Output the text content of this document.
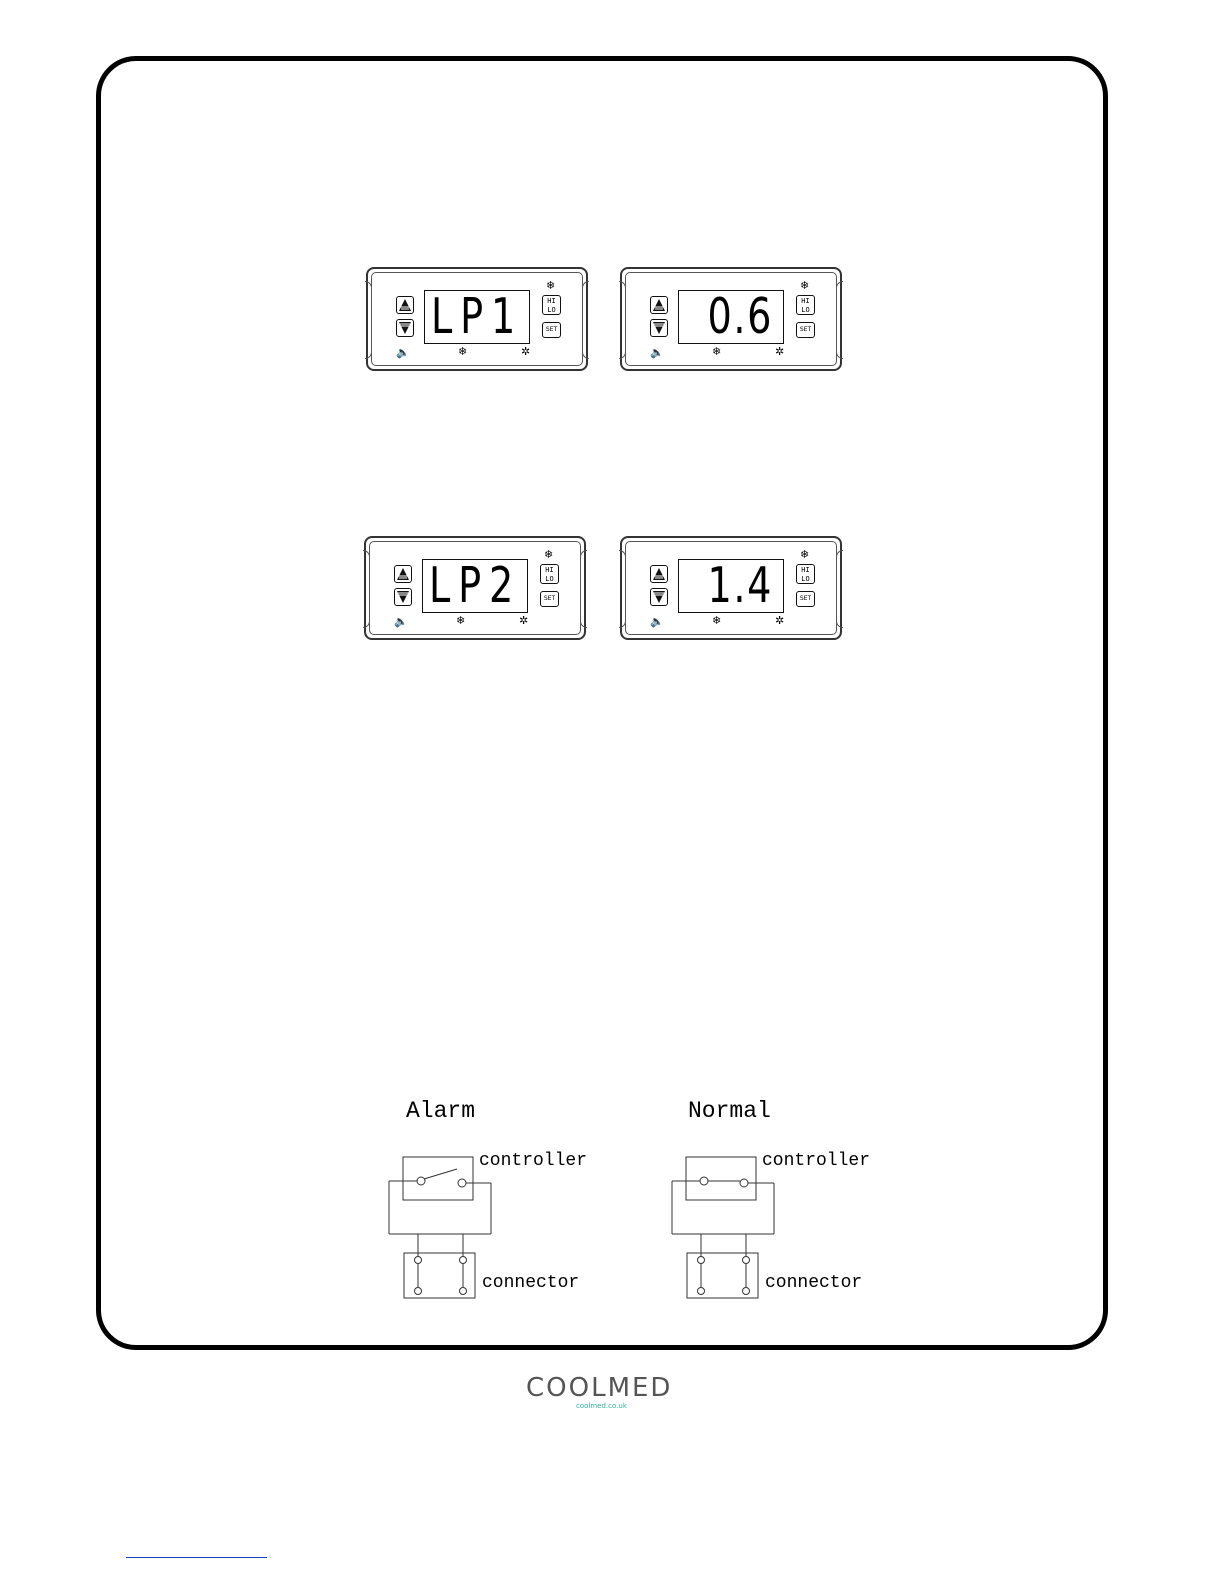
LP1	HI
LO
SET
❄
🔈	❄	✲
0.6	HI
LO
SET
❄
🔈	❄	✲
LP2	HI
LO
SET
❄
🔈	❄	✲
1.4	HI
LO
SET
❄
🔈	❄	✲
Alarm
controller
connector
Normal
controller
connector
COOLMED
coolmed.co.uk
